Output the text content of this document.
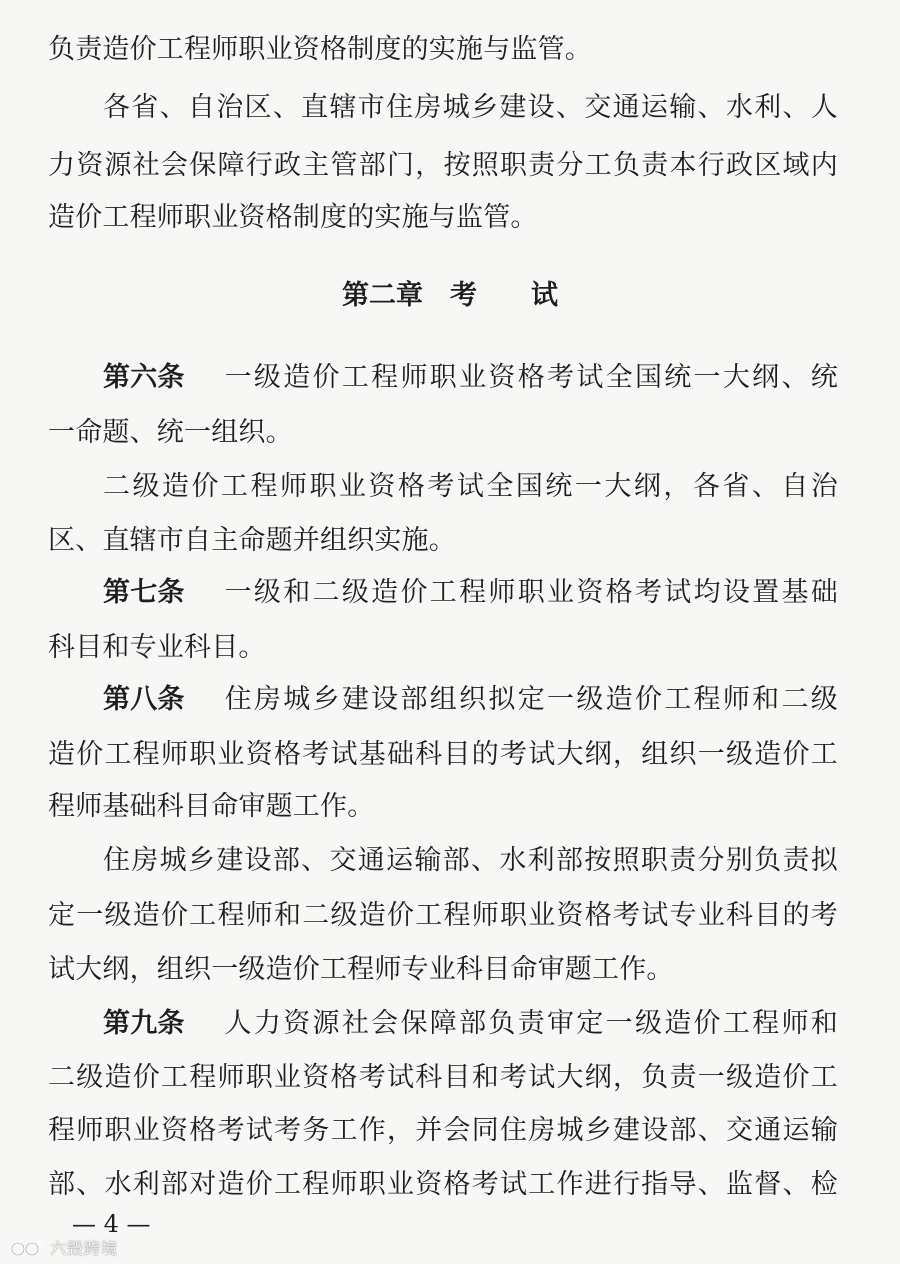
负责造价工程师职业资格制度的实施与监管。
各省、自治区、直辖市住房城乡建设、交通运输、水利、人
力资源社会保障行政主管部门，按照职责分工负责本行政区域内
造价工程师职业资格制度的实施与监管。
第二章　考　　试
第六条 一级造价工程师职业资格考试全国统一大纲、统
一命题、统一组织。
二级造价工程师职业资格考试全国统一大纲，各省、自治
区、直辖市自主命题并组织实施。
第七条 一级和二级造价工程师职业资格考试均设置基础
科目和专业科目。
第八条 住房城乡建设部组织拟定一级造价工程师和二级
造价工程师职业资格考试基础科目的考试大纲，组织一级造价工
程师基础科目命审题工作。
住房城乡建设部、交通运输部、水利部按照职责分别负责拟
定一级造价工程师和二级造价工程师职业资格考试专业科目的考
试大纲，组织一级造价工程师专业科目命审题工作。
第九条 人力资源社会保障部负责审定一级造价工程师和
二级造价工程师职业资格考试科目和考试大纲，负责一级造价工
程师职业资格考试考务工作，并会同住房城乡建设部、交通运输
部、水利部对造价工程师职业资格考试工作进行指导、监督、检
— 4 —
六毁跨境
